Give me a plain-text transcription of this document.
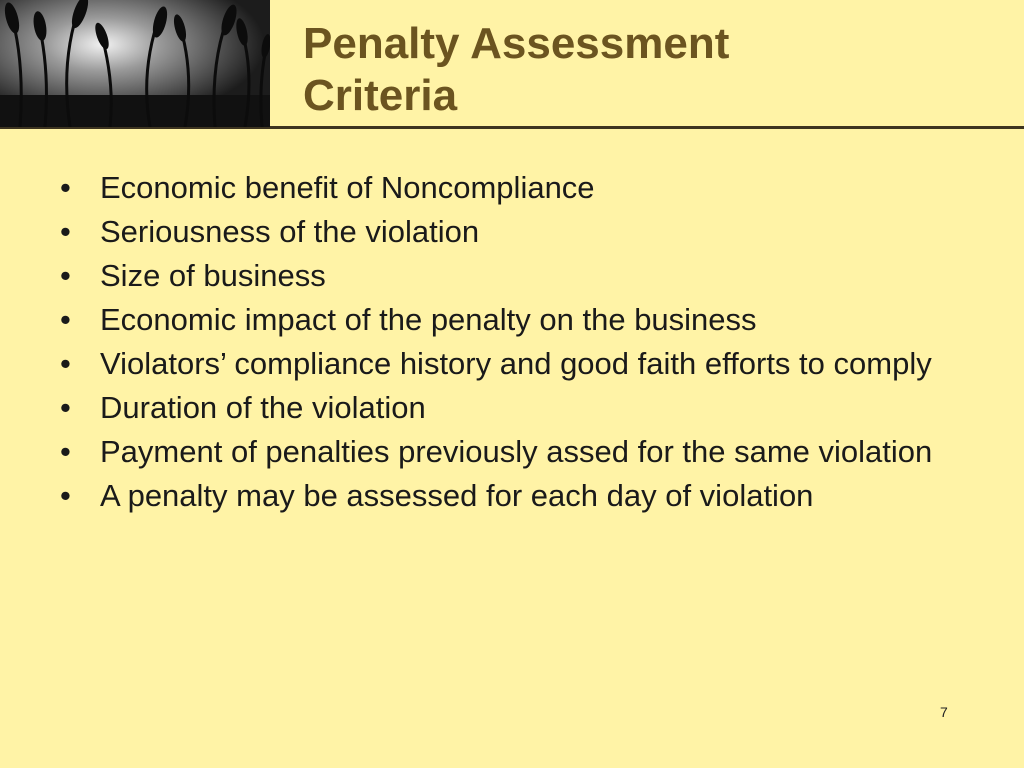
Penalty Assessment
Criteria
• Economic benefit of Noncompliance
• Seriousness of the violation
• Size of business
• Economic impact of the penalty on the business
• Violators’ compliance history and good faith efforts to comply
• Duration of the violation
• Payment of penalties previously assed for the same violation
• A penalty may be assessed for each day of violation
7
